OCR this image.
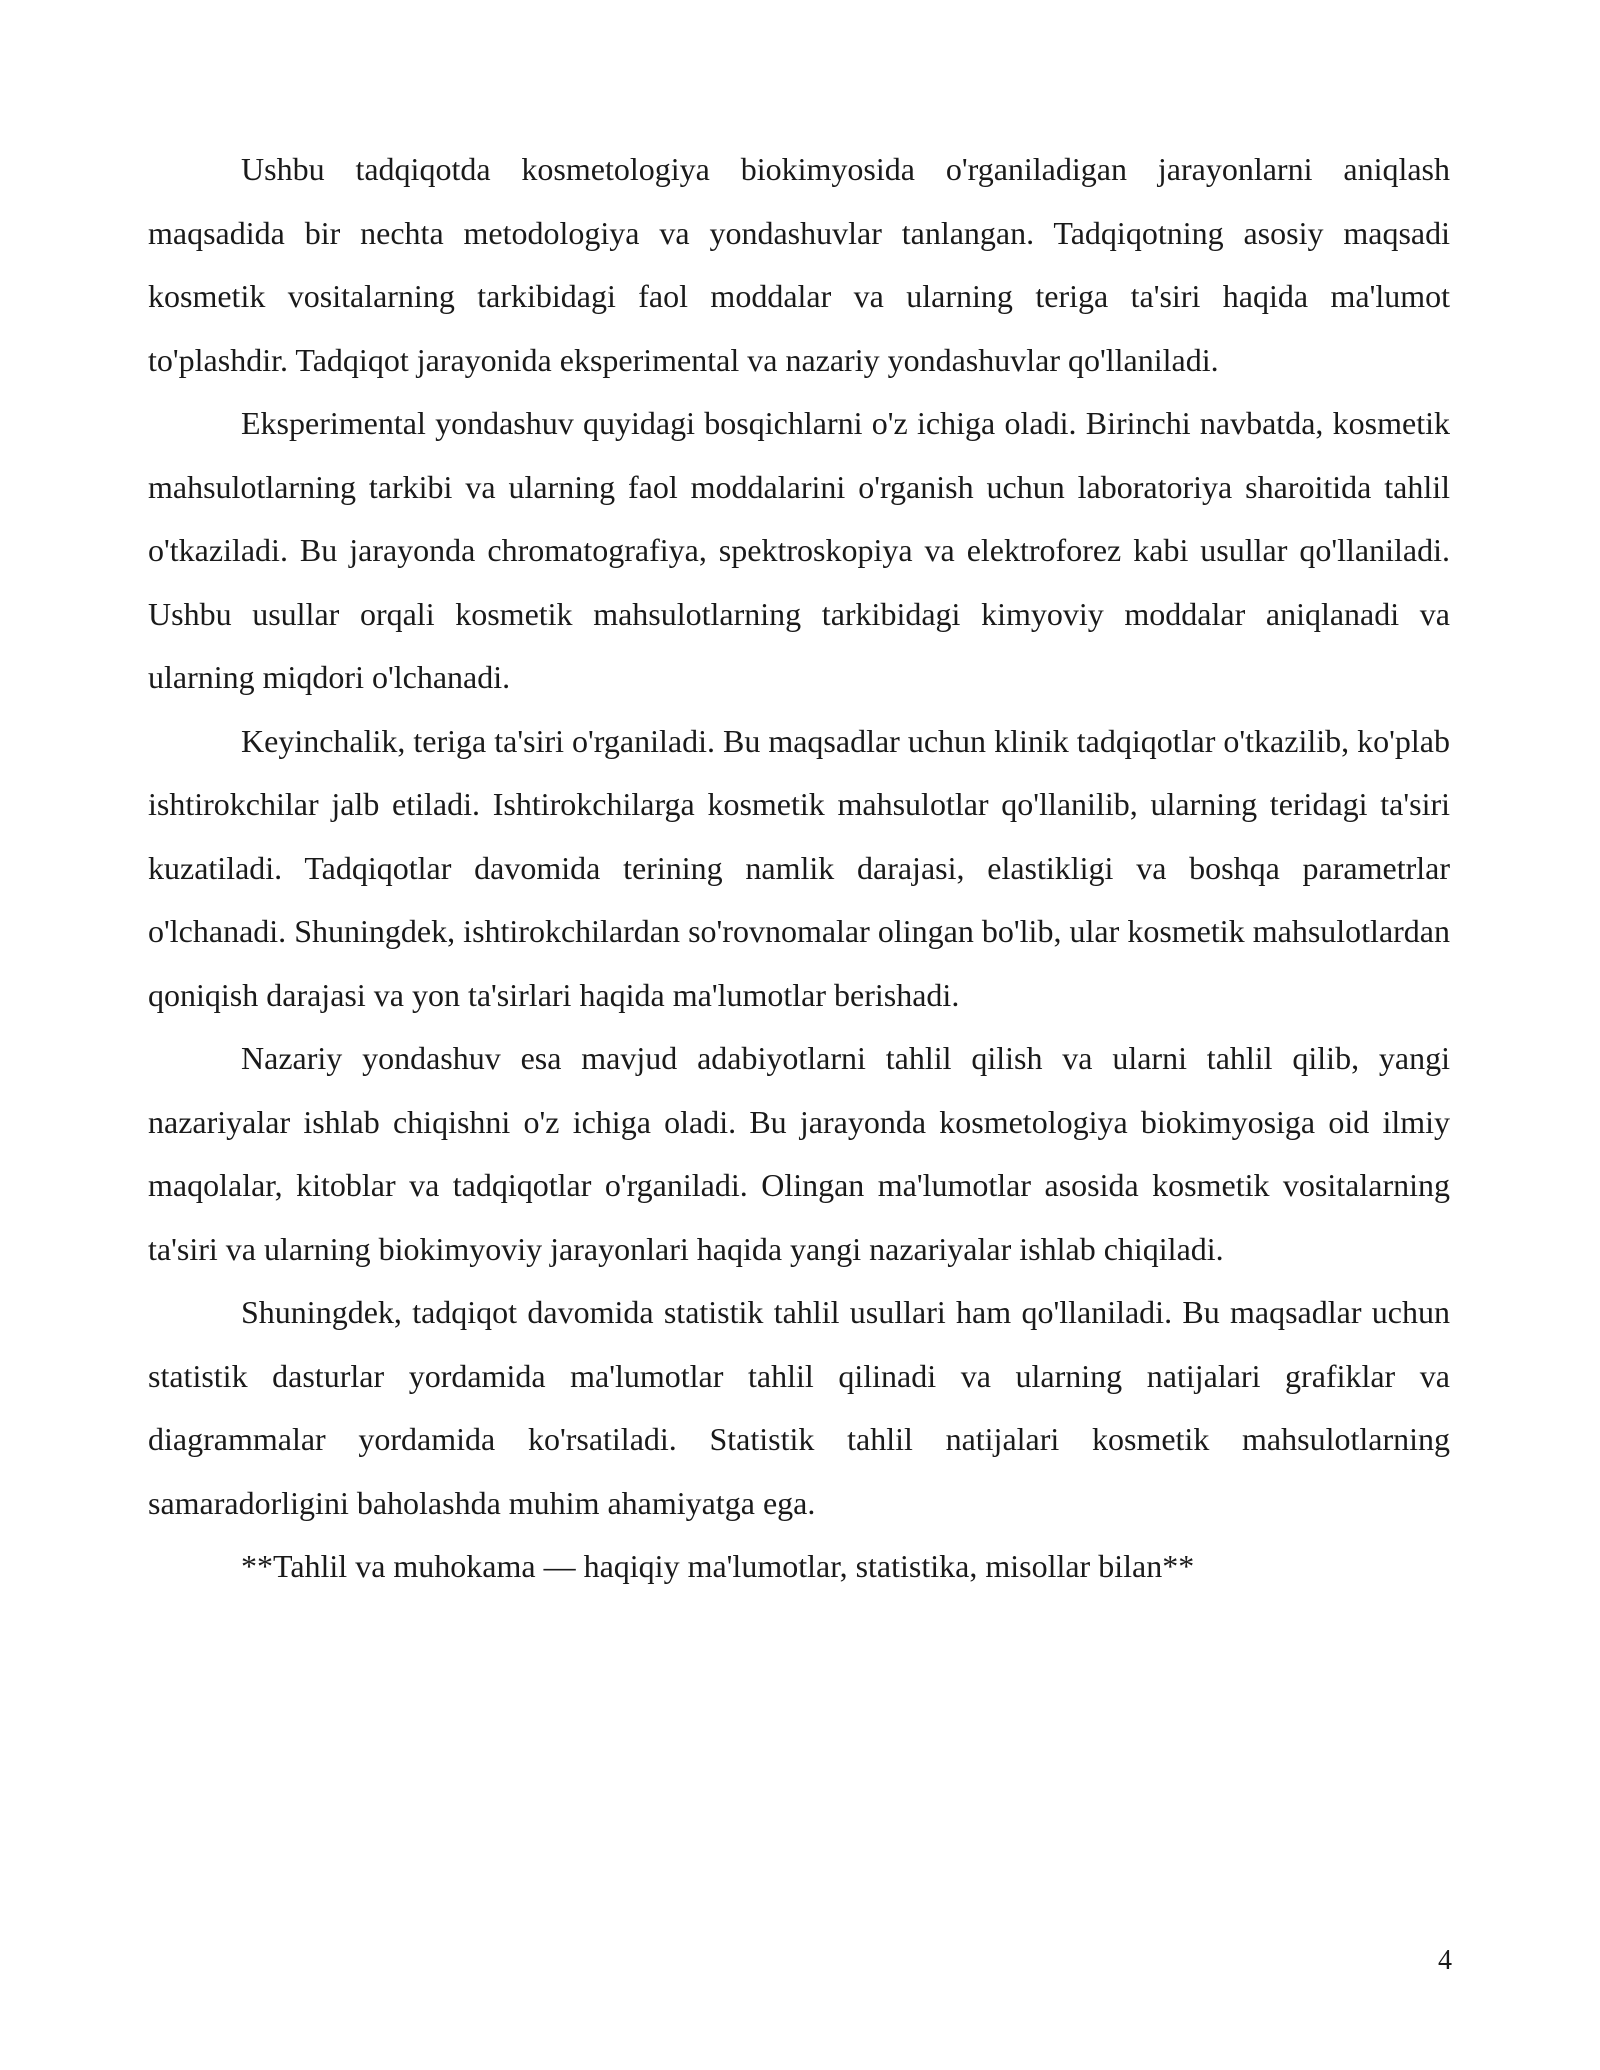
Ushbu tadqiqotda kosmetologiya biokimyosida o'rganiladigan jarayonlarni aniqlash maqsadida bir nechta metodologiya va yondashuvlar tanlangan. Tadqiqotning asosiy maqsadi kosmetik vositalarning tarkibidagi faol moddalar va ularning teriga ta'siri haqida ma'lumot to'plashdir. Tadqiqot jarayonida eksperimental va nazariy yondashuvlar qo'llaniladi.

Eksperimental yondashuv quyidagi bosqichlarni o'z ichiga oladi. Birinchi navbatda, kosmetik mahsulotlarning tarkibi va ularning faol moddalarini o'rganish uchun laboratoriya sharoitida tahlil o'tkaziladi. Bu jarayonda chromatografiya, spektroskopiya va elektroforez kabi usullar qo'llaniladi. Ushbu usullar orqali kosmetik mahsulotlarning tarkibidagi kimyoviy moddalar aniqlanadi va ularning miqdori o'lchanadi.

Keyinchalik, teriga ta'siri o'rganiladi. Bu maqsadlar uchun klinik tadqiqotlar o'tkazilib, ko'plab ishtirokchilar jalb etiladi. Ishtirokchilarga kosmetik mahsulotlar qo'llanilib, ularning teridagi ta'siri kuzatiladi. Tadqiqotlar davomida terining namlik darajasi, elastikligi va boshqa parametrlar o'lchanadi. Shuningdek, ishtirokchilardan so'rovnomalar olingan bo'lib, ular kosmetik mahsulotlardan qoniqish darajasi va yon ta'sirlari haqida ma'lumotlar berishadi.

Nazariy yondashuv esa mavjud adabiyotlarni tahlil qilish va ularni tahlil qilib, yangi nazariyalar ishlab chiqishni o'z ichiga oladi. Bu jarayonda kosmetologiya biokimyosiga oid ilmiy maqolalar, kitoblar va tadqiqotlar o'rganiladi. Olingan ma'lumotlar asosida kosmetik vositalarning ta'siri va ularning biokimyoviy jarayonlari haqida yangi nazariyalar ishlab chiqiladi.

Shuningdek, tadqiqot davomida statistik tahlil usullari ham qo'llaniladi. Bu maqsadlar uchun statistik dasturlar yordamida ma'lumotlar tahlil qilinadi va ularning natijalari grafiklar va diagrammalar yordamida ko'rsatiladi. Statistik tahlil natijalari kosmetik mahsulotlarning samaradorligini baholashda muhim ahamiyatga ega.

**Tahlil va muhokama — haqiqiy ma'lumotlar, statistika, misollar bilan**

4
